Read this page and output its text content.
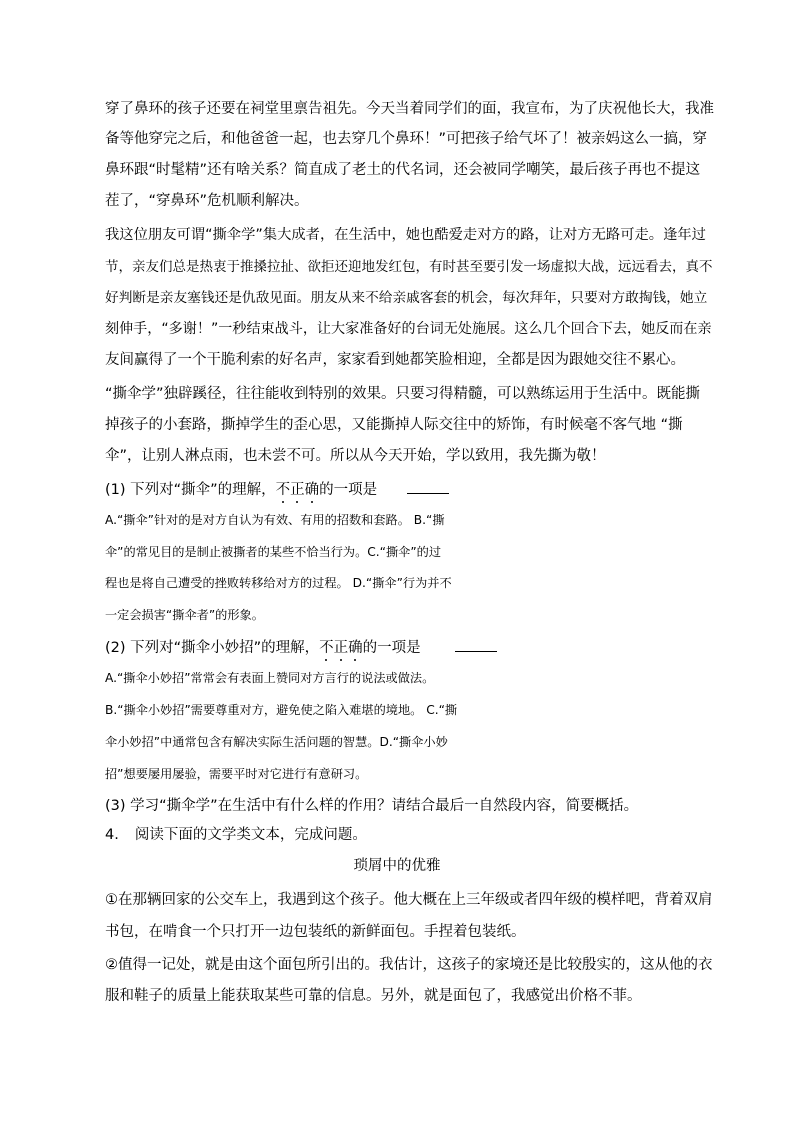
穿了鼻环的孩子还要在祠堂里禀告祖先。今天当着同学们的面，我宣布，为了庆祝他长大，我准

备等他穿完之后，和他爸爸一起，也去穿几个鼻环！”可把孩子给气坏了！被亲妈这么一搞，穿

鼻环跟“时髦精”还有啥关系？简直成了老土的代名词，还会被同学嘲笑，最后孩子再也不提这

茬了，“穿鼻环”危机顺利解决。

我这位朋友可谓“撕伞学”集大成者，在生活中，她也酷爱走对方的路，让对方无路可走。逢年过

节，亲友们总是热衷于推搡拉扯、欲拒还迎地发红包，有时甚至要引发一场虚拟大战，远远看去，真不

好判断是亲友塞钱还是仇敌见面。朋友从来不给亲戚客套的机会，每次拜年，只要对方敢掏钱，她立

刻伸手，“多谢！”一秒结束战斗，让大家准备好的台词无处施展。这么几个回合下去，她反而在亲

友间赢得了一个干脆利索的好名声，家家看到她都笑脸相迎，全都是因为跟她交往不累心。

“撕伞学”独辟蹊径，往往能收到特别的效果。只要习得精髓，可以熟练运用于生活中。既能撕

掉孩子的小套路，撕掉学生的歪心思，又能撕掉人际交往中的矫饰，有时候毫不客气地 “撕

伞”，让别人淋点雨，也未尝不可。所以从今天开始，学以致用，我先撕为敬！

(1) 下列对“撕伞”的理解，不正确的一项是

A.“撕伞”针对的是对方自认为有效、有用的招数和套路。 B.“撕

伞”的常见目的是制止被撕者的某些不恰当行为。C.“撕伞”的过

程也是将自己遭受的挫败转移给对方的过程。 D.“撕伞”行为并不

一定会损害“撕伞者”的形象。

(2) 下列对“撕伞小妙招”的理解，不正确的一项是

A.“撕伞小妙招”常常会有表面上赞同对方言行的说法或做法。

B.“撕伞小妙招”需要尊重对方，避免使之陷入难堪的境地。 C.“撕

伞小妙招”中通常包含有解决实际生活问题的智慧。D.“撕伞小妙

招”想要屡用屡验，需要平时对它进行有意研习。

(3) 学习“撕伞学”在生活中有什么样的作用？请结合最后一自然段内容，简要概括。

4. 阅读下面的文学类文本，完成问题。

琐屑中的优雅

①在那辆回家的公交车上，我遇到这个孩子。他大概在上三年级或者四年级的模样吧，背着双肩

书包，在啃食一个只打开一边包装纸的新鲜面包。手捏着包装纸。

②值得一记处，就是由这个面包所引出的。我估计，这孩子的家境还是比较殷实的，这从他的衣

服和鞋子的质量上能获取某些可靠的信息。另外，就是面包了，我感觉出价格不菲。
